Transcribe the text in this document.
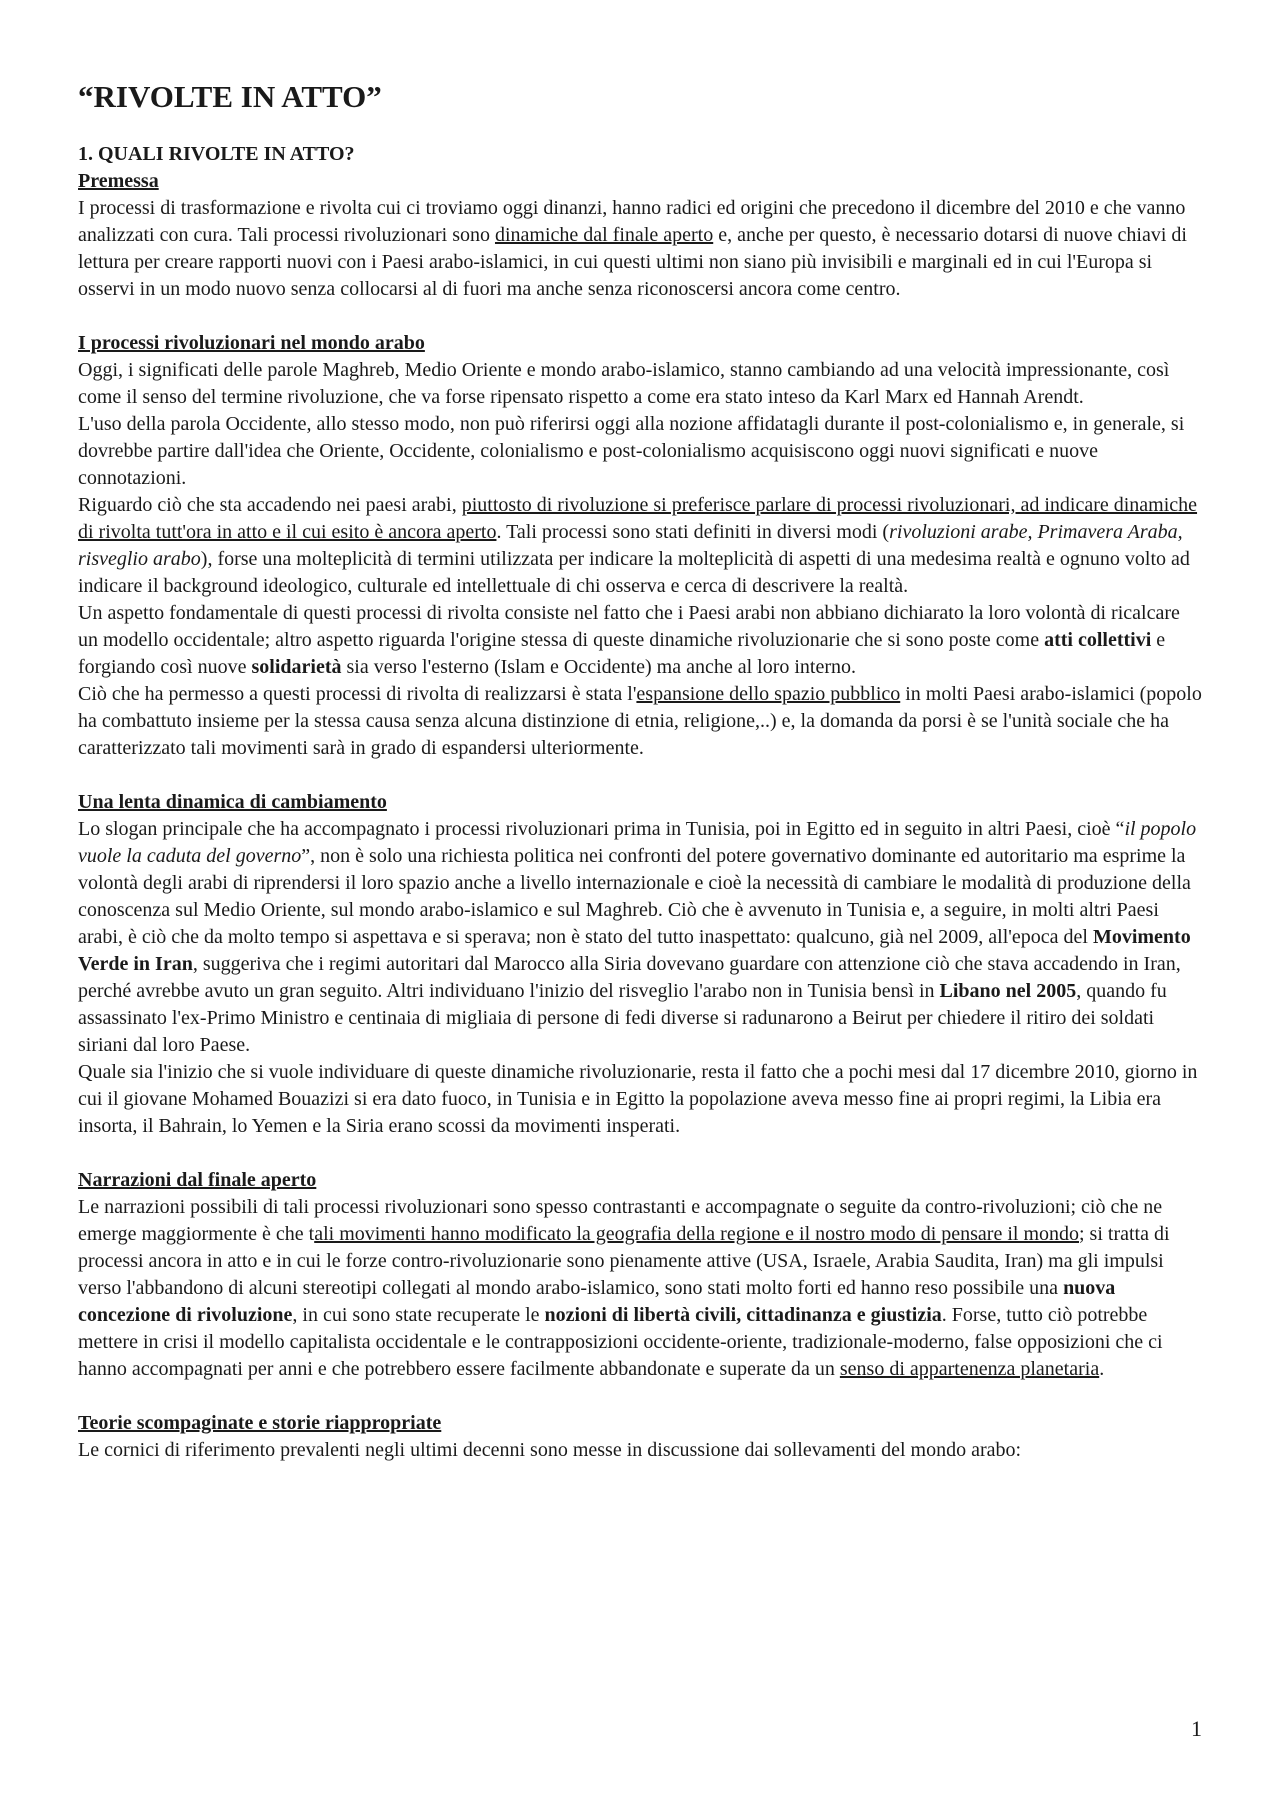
“RIVOLTE IN ATTO”
1. QUALI RIVOLTE IN ATTO?
Premessa

I processi di trasformazione e rivolta cui ci troviamo oggi dinanzi, hanno radici ed origini che precedono il dicembre del 2010 e che vanno analizzati con cura. Tali processi rivoluzionari sono dinamiche dal finale aperto e, anche per questo, è necessario dotarsi di nuove chiavi di lettura per creare rapporti nuovi con i Paesi arabo-islamici, in cui questi ultimi non siano più invisibili e marginali ed in cui l'Europa si osservi in un modo nuovo senza collocarsi al di fuori ma anche senza riconoscersi ancora come centro.

I processi rivoluzionari nel mondo arabo

Oggi, i significati delle parole Maghreb, Medio Oriente e mondo arabo-islamico, stanno cambiando ad una velocità impressionante, così come il senso del termine rivoluzione, che va forse ripensato rispetto a come era stato inteso da Karl Marx ed Hannah Arendt.

L'uso della parola Occidente, allo stesso modo, non può riferirsi oggi alla nozione affidatagli durante il post-colonialismo e, in generale, si dovrebbe partire dall'idea che Oriente, Occidente, colonialismo e post-colonialismo acquisiscono oggi nuovi significati e nuove connotazioni.

Riguardo ciò che sta accadendo nei paesi arabi, piuttosto di rivoluzione si preferisce parlare di processi rivoluzionari, ad indicare dinamiche di rivolta tutt'ora in atto e il cui esito è ancora aperto. Tali processi sono stati definiti in diversi modi (rivoluzioni arabe, Primavera Araba, risveglio arabo), forse una molteplicità di termini utilizzata per indicare la molteplicità di aspetti di una medesima realtà e ognuno volto ad indicare il background ideologico, culturale ed intellettuale di chi osserva e cerca di descrivere la realtà.

Un aspetto fondamentale di questi processi di rivolta consiste nel fatto che i Paesi arabi non abbiano dichiarato la loro volontà di ricalcare un modello occidentale; altro aspetto riguarda l'origine stessa di queste dinamiche rivoluzionarie che si sono poste come atti collettivi e forgiando così nuove solidarietà sia verso l'esterno (Islam e Occidente) ma anche al loro interno.

Ciò che ha permesso a questi processi di rivolta di realizzarsi è stata l'espansione dello spazio pubblico in molti Paesi arabo-islamici (popolo ha combattuto insieme per la stessa causa senza alcuna distinzione di etnia, religione,..) e, la domanda da porsi è se l'unità sociale che ha caratterizzato tali movimenti sarà in grado di espandersi ulteriormente.

Una lenta dinamica di cambiamento

Lo slogan principale che ha accompagnato i processi rivoluzionari prima in Tunisia, poi in Egitto ed in seguito in altri Paesi, cioè “il popolo vuole la caduta del governo”, non è solo una richiesta politica nei confronti del potere governativo dominante ed autoritario ma esprime la volontà degli arabi di riprendersi il loro spazio anche a livello internazionale e cioè la necessità di cambiare le modalità di produzione della conoscenza sul Medio Oriente, sul mondo arabo-islamico e sul Maghreb. Ciò che è avvenuto in Tunisia e, a seguire, in molti altri Paesi arabi, è ciò che da molto tempo si aspettava e si sperava; non è stato del tutto inaspettato: qualcuno, già nel 2009, all'epoca del Movimento Verde in Iran, suggeriva che i regimi autoritari dal Marocco alla Siria dovevano guardare con attenzione ciò che stava accadendo in Iran, perché avrebbe avuto un gran seguito. Altri individuano l'inizio del risveglio l'arabo non in Tunisia bensì in Libano nel 2005, quando fu assassinato l'ex-Primo Ministro e centinaia di migliaia di persone di fedi diverse si radunarono a Beirut per chiedere il ritiro dei soldati siriani dal loro Paese.

Quale sia l'inizio che si vuole individuare di queste dinamiche rivoluzionarie, resta il fatto che a pochi mesi dal 17 dicembre 2010, giorno in cui il giovane Mohamed Bouazizi si era dato fuoco, in Tunisia e in Egitto la popolazione aveva messo fine ai propri regimi, la Libia era insorta, il Bahrain, lo Yemen e la Siria erano scossi da movimenti insperati.

Narrazioni dal finale aperto

Le narrazioni possibili di tali processi rivoluzionari sono spesso contrastanti e accompagnate o seguite da contro-rivoluzioni; ciò che ne emerge maggiormente è che tali movimenti hanno modificato la geografia della regione e il nostro modo di pensare il mondo; si tratta di processi ancora in atto e in cui le forze contro-rivoluzionarie sono pienamente attive (USA, Israele, Arabia Saudita, Iran) ma gli impulsi verso l'abbandono di alcuni stereotipi collegati al mondo arabo-islamico, sono stati molto forti ed hanno reso possibile una nuova concezione di rivoluzione, in cui sono state recuperate le nozioni di libertà civili, cittadinanza e giustizia. Forse, tutto ciò potrebbe mettere in crisi il modello capitalista occidentale e le contrapposizioni occidente-oriente, tradizionale-moderno, false opposizioni che ci hanno accompagnati per anni e che potrebbero essere facilmente abbandonate e superate da un senso di appartenenza planetaria.

Teorie scompaginate e storie riappropriate

Le cornici di riferimento prevalenti negli ultimi decenni sono messe in discussione dai sollevamenti del mondo arabo:

1
